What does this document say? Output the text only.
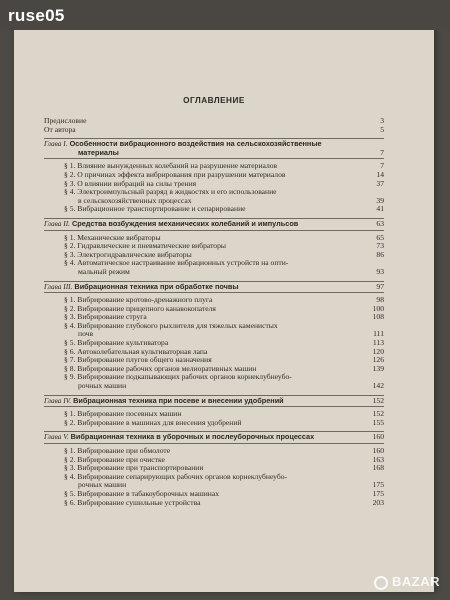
ruse05
ОГЛАВЛЕНИЕ
Предисловие	3
От автора	5
Глава I. Особенности вибрационного воздействия на сельскохозяйственные
материалы	7
§ 1. Влияние вынужденных колебаний на разрушение материалов	7
§ 2. О причинах эффекта вибрирования при разрушении материалов	14
§ 3. О влиянии вибраций на силы трения	37
§ 4. Электроимпульсный разряд в жидкостях и его использование
в сельскохозяйственных процессах	39
§ 5. Вибрационное транспортирование и сепарирование	41
Глава II. Средства возбуждения механических колебаний и импульсов	63
§ 1. Механические вибраторы	65
§ 2. Гидравлические и пневматические вибраторы	73
§ 3. Электрогидравлические вибраторы	86
§ 4. Автоматическое настраивание вибрационных устройств на опти-
мальный режим	93
Глава III. Вибрационная техника при обработке почвы	97
§ 1. Вибрирование кротово-дренажного плуга	98
§ 2. Вибрирование прицепного канавокопателя	100
§ 3. Вибрирование струга	108
§ 4. Вибрирование глубокого рыхлителя для тяжелых каменистых
почв	111
§ 5. Вибрирование культиватора	113
§ 6. Автоколебательная культиваторная лапа	120
§ 7. Вибрирование плугов общего назначения	126
§ 8. Вибрирование рабочих органов мелиоративных машин	139
§ 9. Вибрирование подкапывающих рабочих органов корнеклубнеубо-
рочных машин	142
Глава IV. Вибрационная техника при посеве и внесении удобрений	152
§ 1. Вибрирование посевных машин	152
§ 2. Вибрирование в машинах для внесения удобрений	155
Глава V. Вибрационная техника в уборочных и послеуборочных процессах	160
§ 1. Вибрирование при обмолоте	160
§ 2. Вибрирование при очистке	163
§ 3. Вибрирование при транспортировании	168
§ 4. Вибрирование сепарирующих рабочих органов корнеклубнеубо-
рочных машин	175
§ 5. Вибрирование в табакоуборочных машинах	175
§ 6. Вибрирование сушильные устройства	203
BAZAR
